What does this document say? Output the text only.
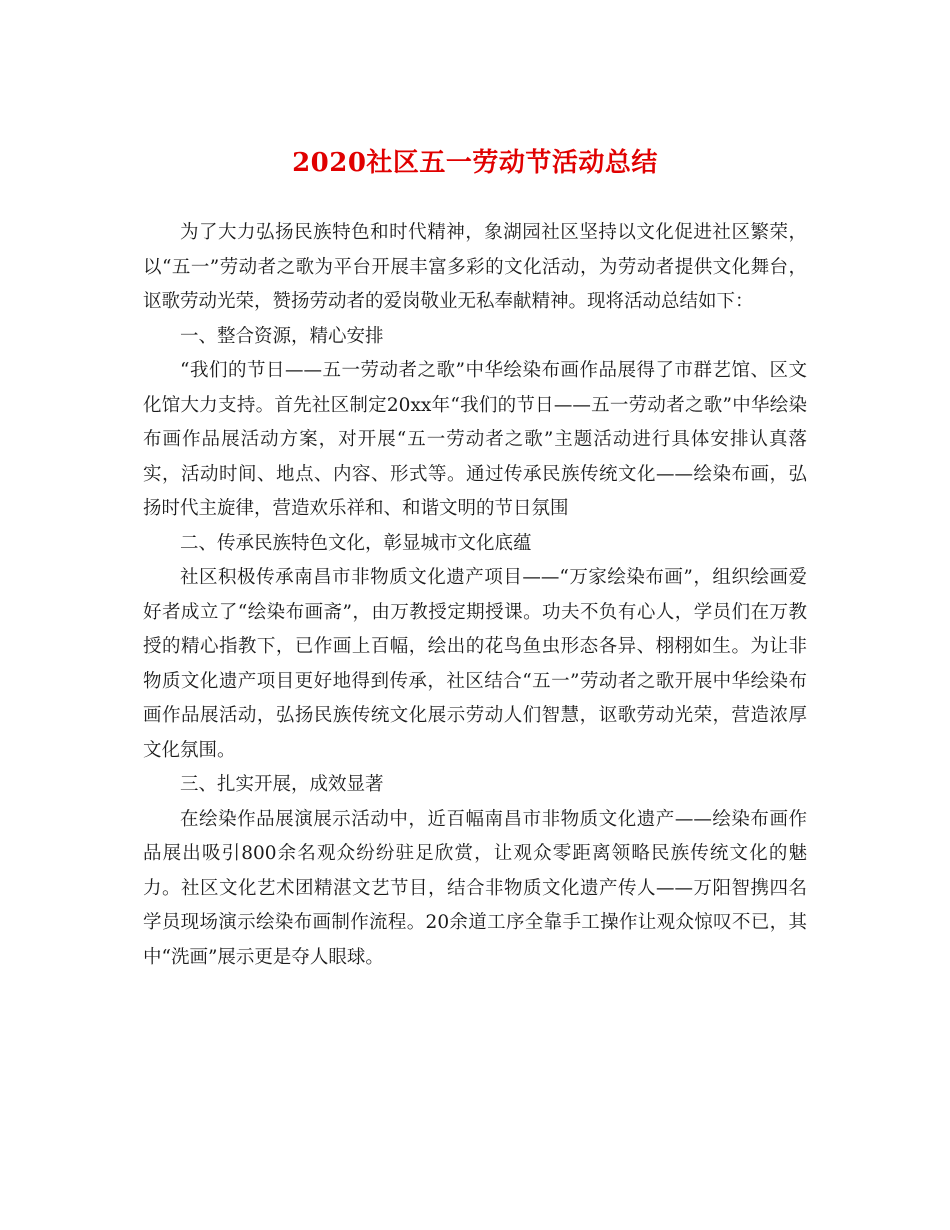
2020社区五一劳动节活动总结

为了大力弘扬民族特色和时代精神，象湖园社区坚持以文化促进社区繁荣，以“五一”劳动者之歌为平台开展丰富多彩的文化活动，为劳动者提供文化舞台，讴歌劳动光荣，赞扬劳动者的爱岗敬业无私奉献精神。现将活动总结如下：

一、整合资源，精心安排

“我们的节日——五一劳动者之歌”中华绘染布画作品展得了市群艺馆、区文化馆大力支持。首先社区制定20xx年“我们的节日——五一劳动者之歌”中华绘染布画作品展活动方案，对开展“五一劳动者之歌”主题活动进行具体安排认真落实，活动时间、地点、内容、形式等。通过传承民族传统文化——绘染布画，弘扬时代主旋律，营造欢乐祥和、和谐文明的节日氛围

二、传承民族特色文化，彰显城市文化底蕴

社区积极传承南昌市非物质文化遗产项目——“万家绘染布画”，组织绘画爱好者成立了“绘染布画斋”，由万教授定期授课。功夫不负有心人，学员们在万教授的精心指教下，已作画上百幅，绘出的花鸟鱼虫形态各异、栩栩如生。为让非物质文化遗产项目更好地得到传承，社区结合“五一”劳动者之歌开展中华绘染布画作品展活动，弘扬民族传统文化展示劳动人们智慧，讴歌劳动光荣，营造浓厚文化氛围。

三、扎实开展，成效显著

在绘染作品展演展示活动中，近百幅南昌市非物质文化遗产——绘染布画作品展出吸引800余名观众纷纷驻足欣赏，让观众零距离领略民族传统文化的魅力。社区文化艺术团精湛文艺节目，结合非物质文化遗产传人——万阳智携四名学员现场演示绘染布画制作流程。20余道工序全靠手工操作让观众惊叹不已，其中“洗画”展示更是夺人眼球。
